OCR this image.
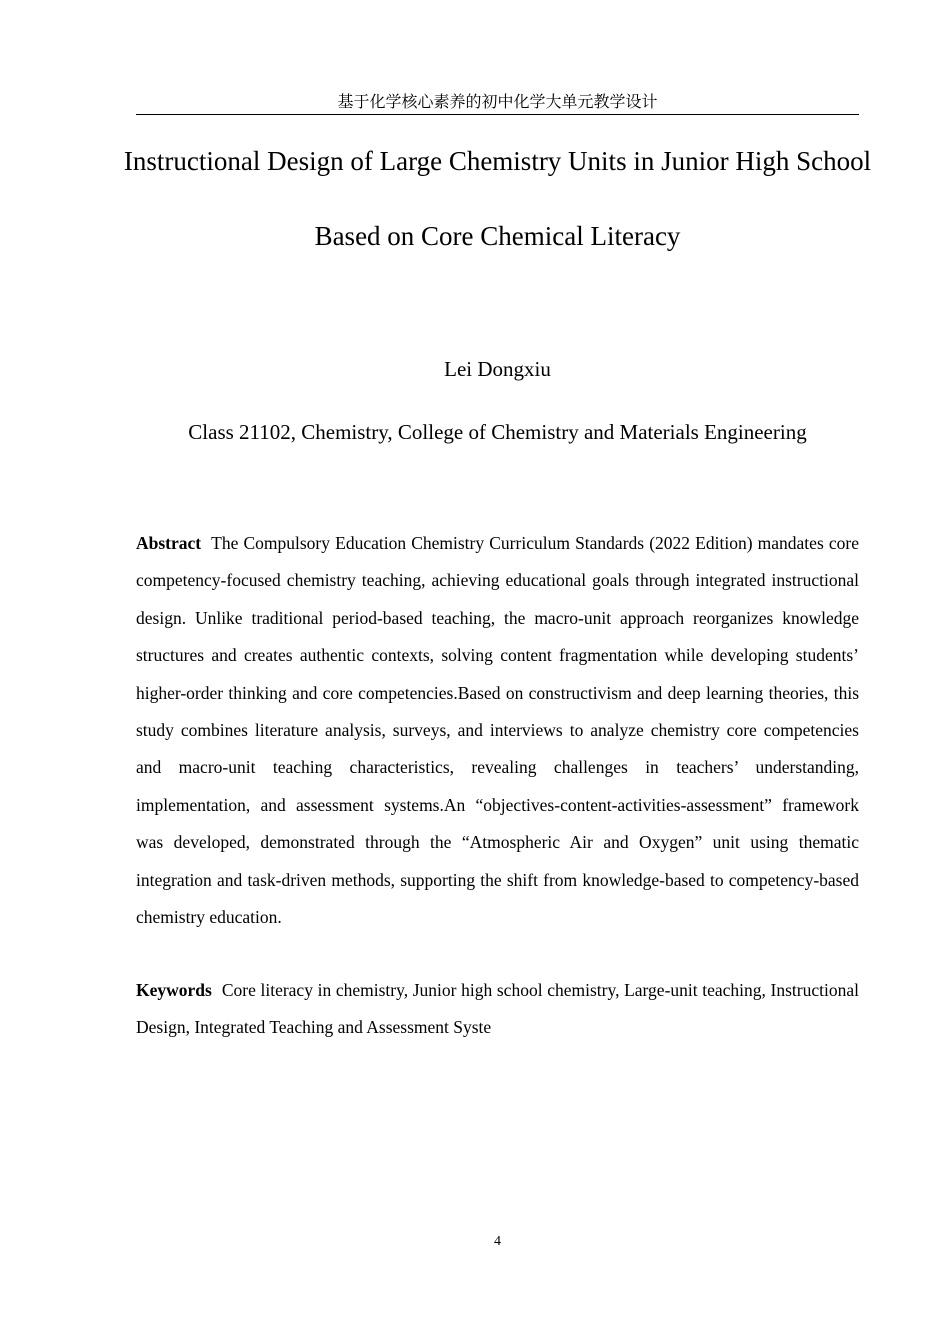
基于化学核心素养的初中化学大单元教学设计
Instructional Design of Large Chemistry Units in Junior High School Based on Core Chemical Literacy
Lei Dongxiu
Class 21102, Chemistry, College of Chemistry and Materials Engineering

Abstract The Compulsory Education Chemistry Curriculum Standards (2022 Edition) mandates core competency-focused chemistry teaching, achieving educational goals through integrated instructional design. Unlike traditional period-based teaching, the macro-unit approach reorganizes knowledge structures and creates authentic contexts, solving content fragmentation while developing students’ higher-order thinking and core competencies.Based on constructivism and deep learning theories, this study combines literature analysis, surveys, and interviews to analyze chemistry core competencies and macro-unit teaching characteristics, revealing challenges in teachers’ understanding, implementation, and assessment systems.An “objectives-content-activities-assessment” framework was developed, demonstrated through the “Atmospheric Air and Oxygen” unit using thematic integration and task-driven methods, supporting the shift from knowledge-based to competency-based chemistry education.

Keywords Core literacy in chemistry, Junior high school chemistry, Large-unit teaching, Instructional Design, Integrated Teaching and Assessment Syste

4
